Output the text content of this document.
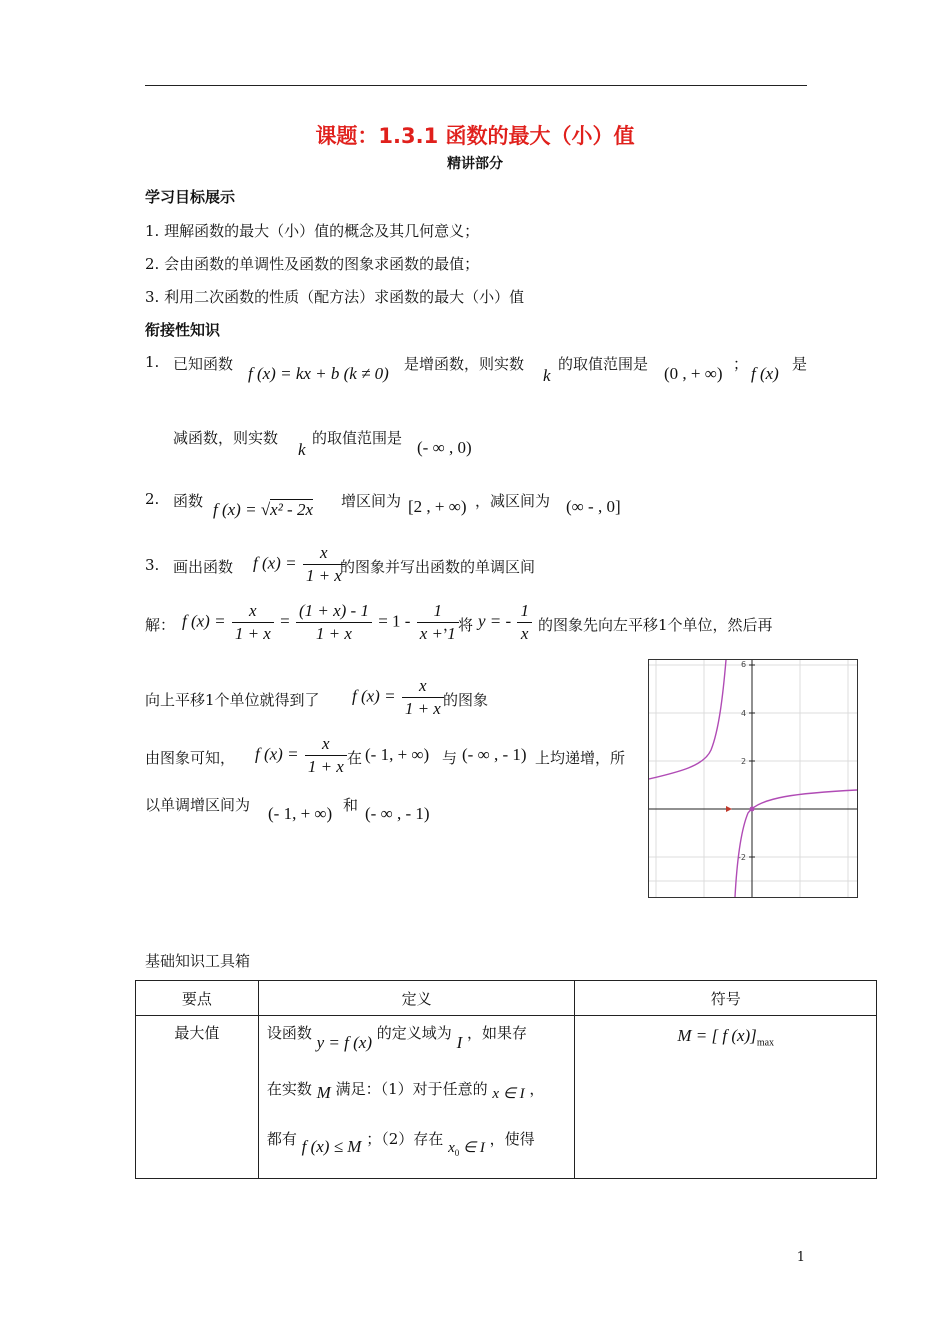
课题：1.3.1 函数的最大（小）值
精讲部分
学习目标展示
1. 理解函数的最大（小）值的概念及其几何意义；
2. 会由函数的单调性及函数的图象求函数的最值；
3. 利用二次函数的性质（配方法）求函数的最大（小）值
衔接性知识
1. 已知函数 f (x) = kx + b (k ≠ 0) 是增函数，则实数
k
的取值范围是 (0 , + ∞) ； f (x) 是
减函数，则实数
k
的取值范围是 (- ∞ , 0)
2. 函数 f (x) = √x² - 2x 增区间为 [2 , + ∞) ，减区间为 (∞ - , 0]
3. 画出函数 f $(x) = \frac{x}{1 + x}$
的图象并写出函数的单调区间
解： f $(x) = \frac{x}{1 + x} = \frac{(1 + x) - 1}{1 + x} = 1 - \frac{1}{x + 1}$
，将 y = - $\frac{1}{x}$ 的图象先向左平移1个单位，然后再
向上平移1个单位就得到了 f $(x) = \frac{x}{1 + x}$ 的图象
由图象可知， f $(x) = \frac{x}{1 + x}$ 在 (- 1, + ∞) 与 (- ∞ , - 1) 上均递增，所
以单调增区间为 (- 1, + ∞) 和 (- ∞ , - 1)
6
4
2
-2
基础知识工具箱
要点	定义	符号

最大值	设函数 y = f (x) 的定义域为 I ，如果存
在实数 M 满足：（1）对于任意的 x ∈ I ，
都有 f (x) ≤ M ；（2）存在 $x_0$ ∈ I ，使得	M = [ f $(x)]_{max}$
1
